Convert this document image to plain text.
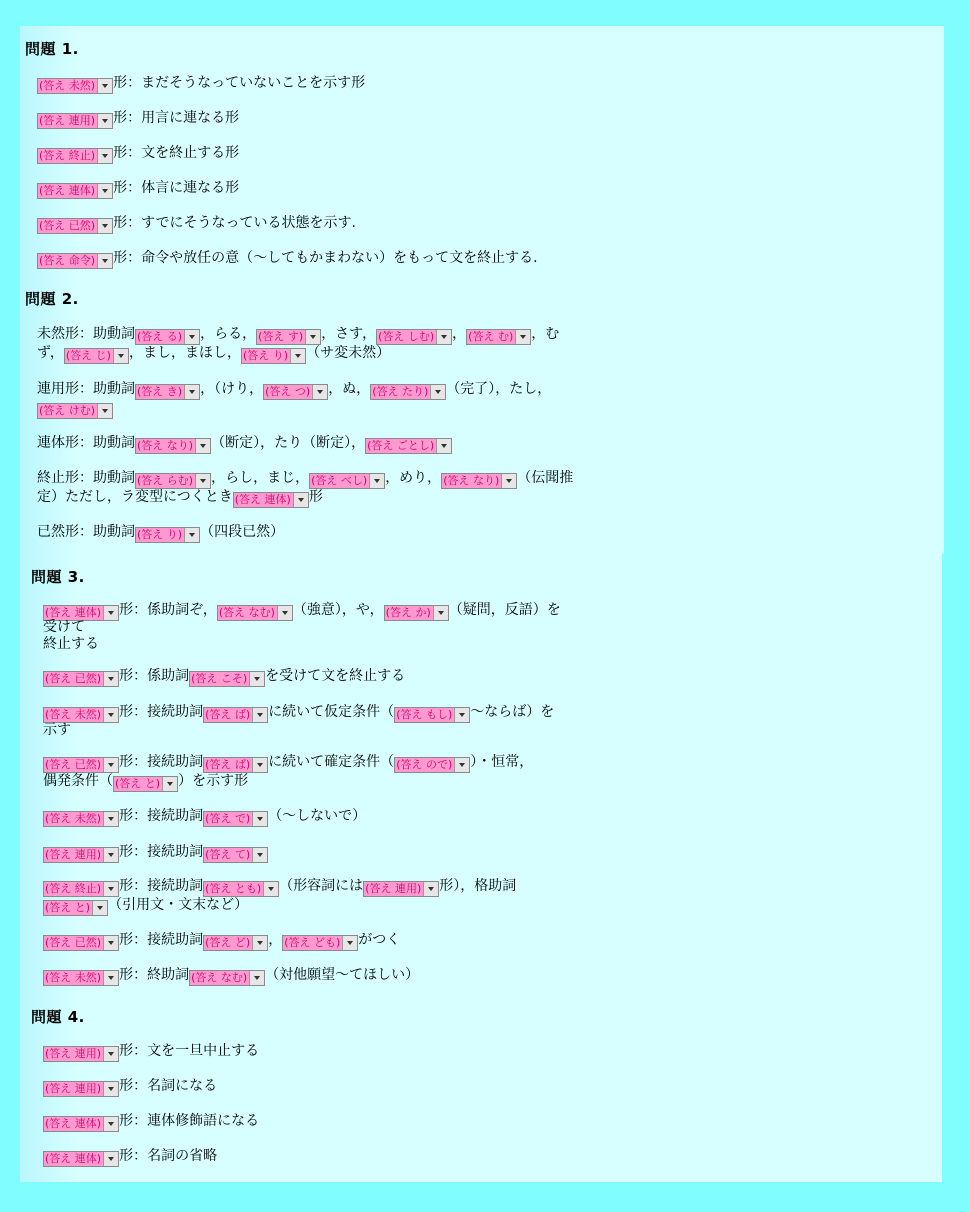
問題 1.
(答え 未然) 形：まだそうなっていないことを示す形
(答え 連用) 形：用言に連なる形
(答え 終止) 形：文を終止する形
(答え 連体) 形：体言に連なる形
(答え 已然) 形：すでにそうなっている状態を示す.
(答え 命令) 形：命令や放任の意（～してもかまわない）をもって文を終止する.
問題 2.
未然形：助動詞 (答え る) ，らる， (答え す) ，さす， (答え しむ) ， (答え む) ，む
ず， (答え じ) ，まし，まほし， (答え り) （サ変未然）
連用形：助動詞 (答え き) ，（けり， (答え つ) ，ぬ， (答え たり) （完了），たし，
(答え けむ)
連体形：助動詞 (答え なり) （断定），たり（断定）， (答え ごとし)
終止形：助動詞 (答え らむ) ，らし，まじ， (答え べし) ，めり， (答え なり) （伝聞推
定）ただし，ラ変型につくとき (答え 連体) 形
已然形：助動詞 (答え り) （四段已然）
問題 3.
(答え 連体) 形：係助詞ぞ， (答え なむ) （強意），や， (答え か) （疑問，反語）を
受けて
終止する
(答え 已然) 形：係助詞 (答え こそ) を受けて文を終止する
(答え 未然) 形：接続助詞 (答え ば) に続いて仮定条件（ (答え もし) ～ならば）を
示す
(答え 已然) 形：接続助詞 (答え ば) に続いて確定条件（ (答え ので) ）・恒常，
偶発条件（ (答え と) ）を示す形
(答え 未然) 形：接続助詞 (答え で) （～しないで）
(答え 連用) 形：接続助詞 (答え て)
(答え 終止) 形：接続助詞 (答え とも) （形容詞には (答え 連用) 形），格助詞
(答え と) （引用文・文末など）
(答え 已然) 形：接続助詞 (答え ど) ， (答え ども) がつく
(答え 未然) 形：終助詞 (答え なむ) （対他願望～てほしい）
問題 4.
(答え 連用) 形：文を一旦中止する
(答え 連用) 形：名詞になる
(答え 連体) 形：連体修飾語になる
(答え 連体) 形：名詞の省略
